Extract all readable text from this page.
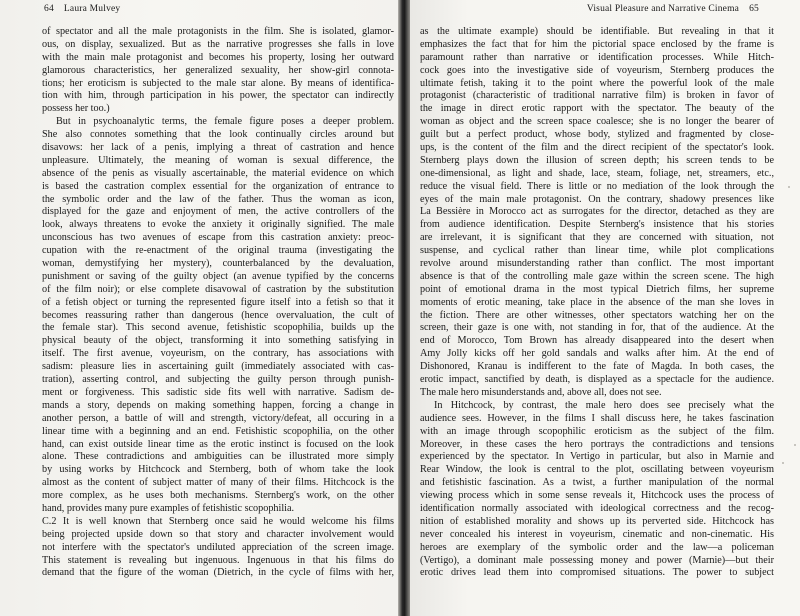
64 Laura Mulvey
of spectator and all the male protagonists in the film. She is isolated, glamor-
ous, on display, sexualized. But as the narrative progresses she falls in love
with the main male protagonist and becomes his property, losing her outward
glamorous characteristics, her generalized sexuality, her show-girl connota-
tions; her eroticism is subjected to the male star alone. By means of identifica-
tion with him, through participation in his power, the spectator can indirectly
possess her too.)
But in psychoanalytic terms, the female figure poses a deeper problem.
She also connotes something that the look continually circles around but
disavows: her lack of a penis, implying a threat of castration and hence
unpleasure. Ultimately, the meaning of woman is sexual difference, the
absence of the penis as visually ascertainable, the material evidence on which
is based the castration complex essential for the organization of entrance to
the symbolic order and the law of the father. Thus the woman as icon,
displayed for the gaze and enjoyment of men, the active controllers of the
look, always threatens to evoke the anxiety it originally signified. The male
unconscious has two avenues of escape from this castration anxiety: preoc-
cupation with the re-enactment of the original trauma (investigating the
woman, demystifying her mystery), counterbalanced by the devaluation,
punishment or saving of the guilty object (an avenue typified by the concerns
of the film noir); or else complete disavowal of castration by the substitution
of a fetish object or turning the represented figure itself into a fetish so that it
becomes reassuring rather than dangerous (hence overvaluation, the cult of
the female star). This second avenue, fetishistic scopophilia, builds up the
physical beauty of the object, transforming it into something satisfying in
itself. The first avenue, voyeurism, on the contrary, has associations with
sadism: pleasure lies in ascertaining guilt (immediately associated with cas-
tration), asserting control, and subjecting the guilty person through punish-
ment or forgiveness. This sadistic side fits well with narrative. Sadism de-
mands a story, depends on making something happen, forcing a change in
another person, a battle of will and strength, victory/defeat, all occuring in a
linear time with a beginning and an end. Fetishistic scopophilia, on the other
hand, can exist outside linear time as the erotic instinct is focused on the look
alone. These contradictions and ambiguities can be illustrated more simply
by using works by Hitchcock and Sternberg, both of whom take the look
almost as the content of subject matter of many of their films. Hitchcock is the
more complex, as he uses both mechanisms. Sternberg's work, on the other
hand, provides many pure examples of fetishistic scopophilia.
C.2 It is well known that Sternberg once said he would welcome his films
being projected upside down so that story and character involvement would
not interfere with the spectator's undiluted appreciation of the screen image.
This statement is revealing but ingenuous. Ingenuous in that his films do
demand that the figure of the woman (Dietrich, in the cycle of films with her,
Visual Pleasure and Narrative Cinema 65
as the ultimate example) should be identifiable. But revealing in that it
emphasizes the fact that for him the pictorial space enclosed by the frame is
paramount rather than narrative or identification processes. While Hitch-
cock goes into the investigative side of voyeurism, Sternberg produces the
ultimate fetish, taking it to the point where the powerful look of the male
protagonist (characteristic of traditional narrative film) is broken in favor of
the image in direct erotic rapport with the spectator. The beauty of the
woman as object and the screen space coalesce; she is no longer the bearer of
guilt but a perfect product, whose body, stylized and fragmented by close-
ups, is the content of the film and the direct recipient of the spectator's look.
Sternberg plays down the illusion of screen depth; his screen tends to be
one-dimensional, as light and shade, lace, steam, foliage, net, streamers, etc.,
reduce the visual field. There is little or no mediation of the look through the
eyes of the main male protagonist. On the contrary, shadowy presences like
La Bessière in Morocco act as surrogates for the director, detached as they are
from audience identification. Despite Sternberg's insistence that his stories
are irrelevant, it is significant that they are concerned with situation, not
suspense, and cyclical rather than linear time, while plot complications
revolve around misunderstanding rather than conflict. The most important
absence is that of the controlling male gaze within the screen scene. The high
point of emotional drama in the most typical Dietrich films, her supreme
moments of erotic meaning, take place in the absence of the man she loves in
the fiction. There are other witnesses, other spectators watching her on the
screen, their gaze is one with, not standing in for, that of the audience. At the
end of Morocco, Tom Brown has already disappeared into the desert when
Amy Jolly kicks off her gold sandals and walks after him. At the end of
Dishonored, Kranau is indifferent to the fate of Magda. In both cases, the
erotic impact, sanctified by death, is displayed as a spectacle for the audience.
The male hero misunderstands and, above all, does not see.
In Hitchcock, by contrast, the male hero does see precisely what the
audience sees. However, in the films I shall discuss here, he takes fascination
with an image through scopophilic eroticism as the subject of the film.
Moreover, in these cases the hero portrays the contradictions and tensions
experienced by the spectator. In Vertigo in particular, but also in Marnie and
Rear Window, the look is central to the plot, oscillating between voyeurism
and fetishistic fascination. As a twist, a further manipulation of the normal
viewing process which in some sense reveals it, Hitchcock uses the process of
identification normally associated with ideological correctness and the recog-
nition of established morality and shows up its perverted side. Hitchcock has
never concealed his interest in voyeurism, cinematic and non-cinematic. His
heroes are exemplary of the symbolic order and the law—a policeman
(Vertigo), a dominant male possessing money and power (Marnie)—but their
erotic drives lead them into compromised situations. The power to subject
